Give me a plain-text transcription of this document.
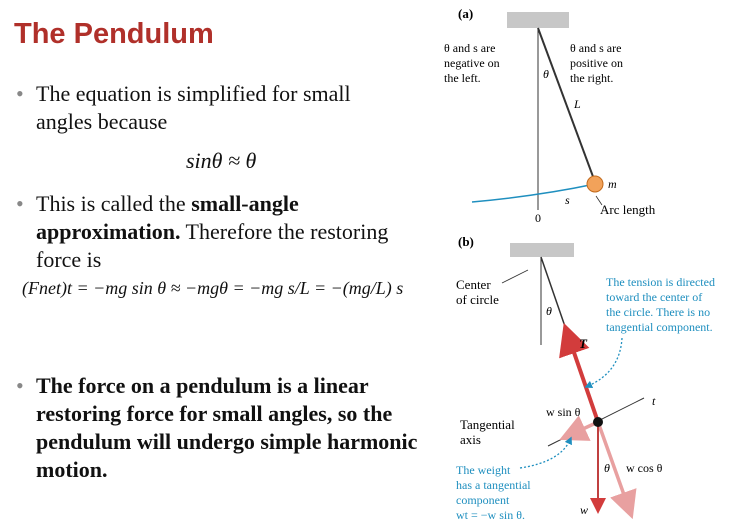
The Pendulum
• The equation is simplified for small
angles because
sinθ ≈ θ
• This is called the small-angle approximation. Therefore the restoring force is
(Fnet)t = −mg sin θ ≈ −mgθ = −mg s/L = −(mg/L) s
• The force on a pendulum is a linear restoring force for small angles, so the pendulum will undergo simple harmonic motion.
(a)
θ and s are
negative on
the left.
θ and s are
positive on
the right.
θ
L
m
s
0
Arc length
(b)
Center
of circle
θ
T
The tension is directed
toward the center of
the circle. There is no
tangential component.
w sin θ
t
Tangential
axis
θ w cos θ
The weight
has a tangential
component
wt = −w sin θ.	w
